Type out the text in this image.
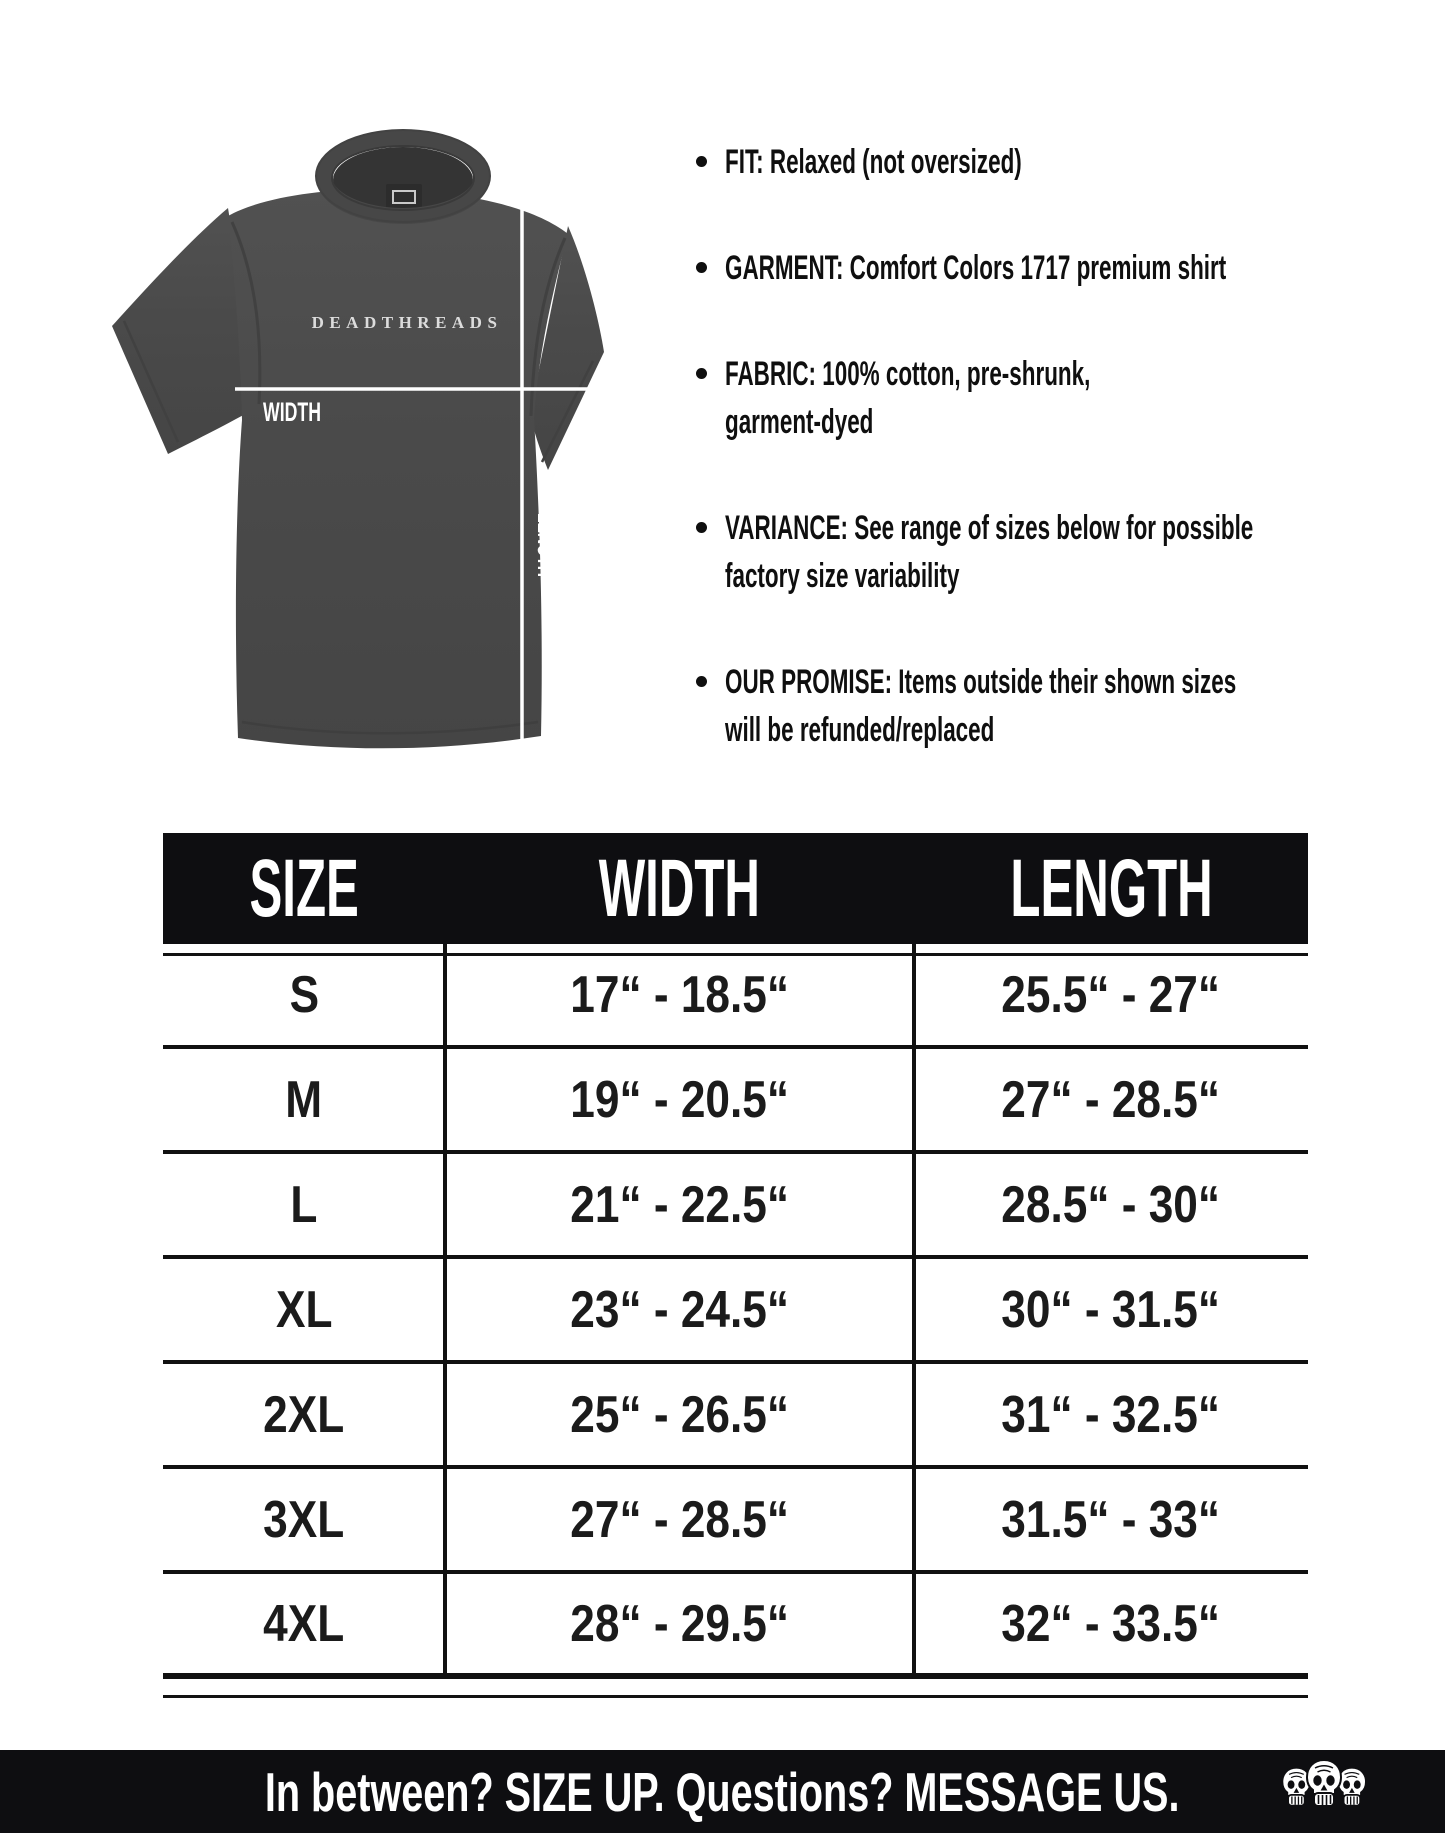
DEADTHREADS
WIDTH
LENGTH
FIT: Relaxed (not oversized)
GARMENT: Comfort Colors 1717 premium shirt
FABRIC: 100% cotton, pre-shrunk,
garment-dyed
VARIANCE: See range of sizes below for possible
factory size variability
OUR PROMISE: Items outside their shown sizes
will be refunded/replaced
SIZE	WIDTH	LENGTH
S	17“ - 18.5“	25.5“ - 27“
M	19“ - 20.5“	27“ - 28.5“
L	21“ - 22.5“	28.5“ - 30“
XL	23“ - 24.5“	30“ - 31.5“
2XL	25“ - 26.5“	31“ - 32.5“
3XL	27“ - 28.5“	31.5“ - 33“
4XL	28“ - 29.5“	32“ - 33.5“
In between? SIZE UP. Questions? MESSAGE US.
